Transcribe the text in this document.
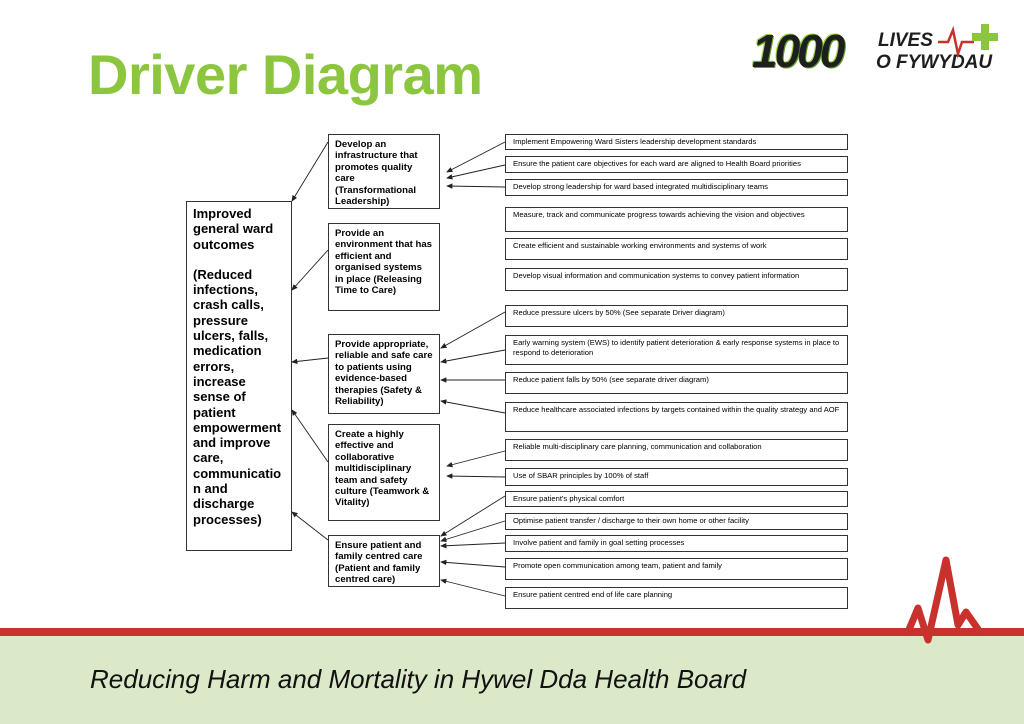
Driver Diagram	1000	LIVES
O FYWYDAU

Improved general ward outcomes

(Reduced infections, crash calls, pressure ulcers, falls, medication errors, increase sense of patient empowerment and improve care, communicatio n and discharge processes)

Develop an infrastructure that promotes quality care (Transformational Leadership)
Provide an environment that has efficient and organised systems in place (Releasing Time to Care)
Provide appropriate, reliable and safe care to patients using evidence-based therapies (Safety & Reliability)
Create a highly effective and collaborative multidisciplinary team and safety culture (Teamwork & Vitality)
Ensure patient and family centred care (Patient and family centred care)
Implement Empowering Ward Sisters leadership development standards
Ensure the patient care objectives for each ward are aligned to Health Board priorities
Develop strong leadership for ward based integrated multidisciplinary teams
Measure, track and communicate progress towards achieving the vision and objectives
Create efficient and sustainable working environments and systems of work
Develop visual information and communication systems to convey patient information
Reduce pressure ulcers by 50% (See separate Driver diagram)
Early warning system (EWS) to identify patient deterioration & early response systems in place to respond to deterioration
Reduce patient falls by 50% (see separate driver diagram)
Reduce healthcare associated infections by targets contained within the quality strategy and AOF
Reliable multi-disciplinary care planning, communication and collaboration
Use of SBAR principles by 100% of staff
Ensure patient's physical comfort
Optimise patient transfer / discharge to their own home or other facility
Involve patient and family in goal setting processes
Promote open communication among team, patient and family
Ensure patient centred end of life care planning

Reducing Harm and Mortality in Hywel Dda Health Board
